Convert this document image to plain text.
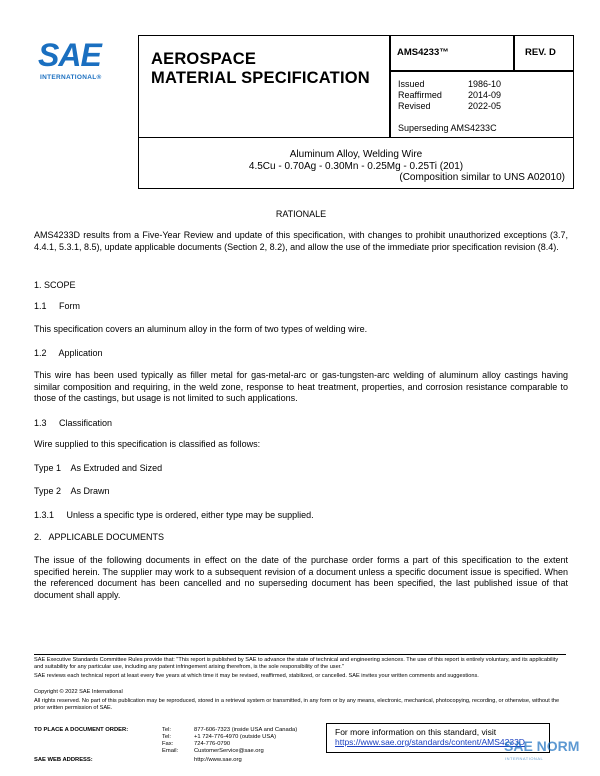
SAE
INTERNATIONAL®
AEROSPACE
MATERIAL SPECIFICATION
AMS4233™	REV. D
Issued	1986-10
Reaffirmed	2014-09
Revised	2022-05
Superseding AMS4233C
Aluminum Alloy, Welding Wire
4.5Cu - 0.70Ag - 0.30Mn - 0.25Mg - 0.25Ti (201)
(Composition similar to UNS A02010)
RATIONALE
AMS4233D results from a Five-Year Review and update of this specification, with changes to prohibit unauthorized exceptions (3.7, 4.4.1, 5.3.1, 8.5), update applicable documents (Section 2, 8.2), and allow the use of the immediate prior specification revision (8.4).
1. SCOPE
1.1     Form
This specification covers an aluminum alloy in the form of two types of welding wire.
1.2     Application
This wire has been used typically as filler metal for gas-metal-arc or gas-tungsten-arc welding of aluminum alloy castings having similar composition and requiring, in the weld zone, response to heat treatment, properties, and corrosion resistance comparable to those of the castings, but usage is not limited to such applications.
1.3     Classification
Wire supplied to this specification is classified as follows:
Type 1    As Extruded and Sized
Type 2    As Drawn
1.3.1     Unless a specific type is ordered, either type may be supplied.
2.   APPLICABLE DOCUMENTS
The issue of the following documents in effect on the date of the purchase order forms a part of this specification to the extent specified herein. The supplier may work to a subsequent revision of a document unless a specific document issue is specified. When the referenced document has been cancelled and no superseding document has been specified, the last published issue of that document shall apply.
SAE Executive Standards Committee Rules provide that: "This report is published by SAE to advance the state of technical and engineering sciences. The use of this report is entirely voluntary, and its applicability and suitability for any particular use, including any patent infringement arising therefrom, is the sole responsibility of the user."
SAE reviews each technical report at least every five years at which time it may be revised, reaffirmed, stabilized, or cancelled. SAE invites your written comments and suggestions.
Copyright © 2022 SAE International
All rights reserved. No part of this publication may be reproduced, stored in a retrieval system or transmitted, in any form or by any means, electronic, mechanical, photocopying, recording, or otherwise, without the prior written permission of SAE.
TO PLACE A DOCUMENT ORDER:	Tel:	877-606-7323 (inside USA and Canada)
Tel:	+1 724-776-4970 (outside USA)
Fax:	724-776-0790
Email:	CustomerService@sae.org
SAE WEB ADDRESS:	http://www.sae.org
For more information on this standard, visit
https://www.sae.org/standards/content/AMS4233D
SAE NORM
INTERNATIONAL
